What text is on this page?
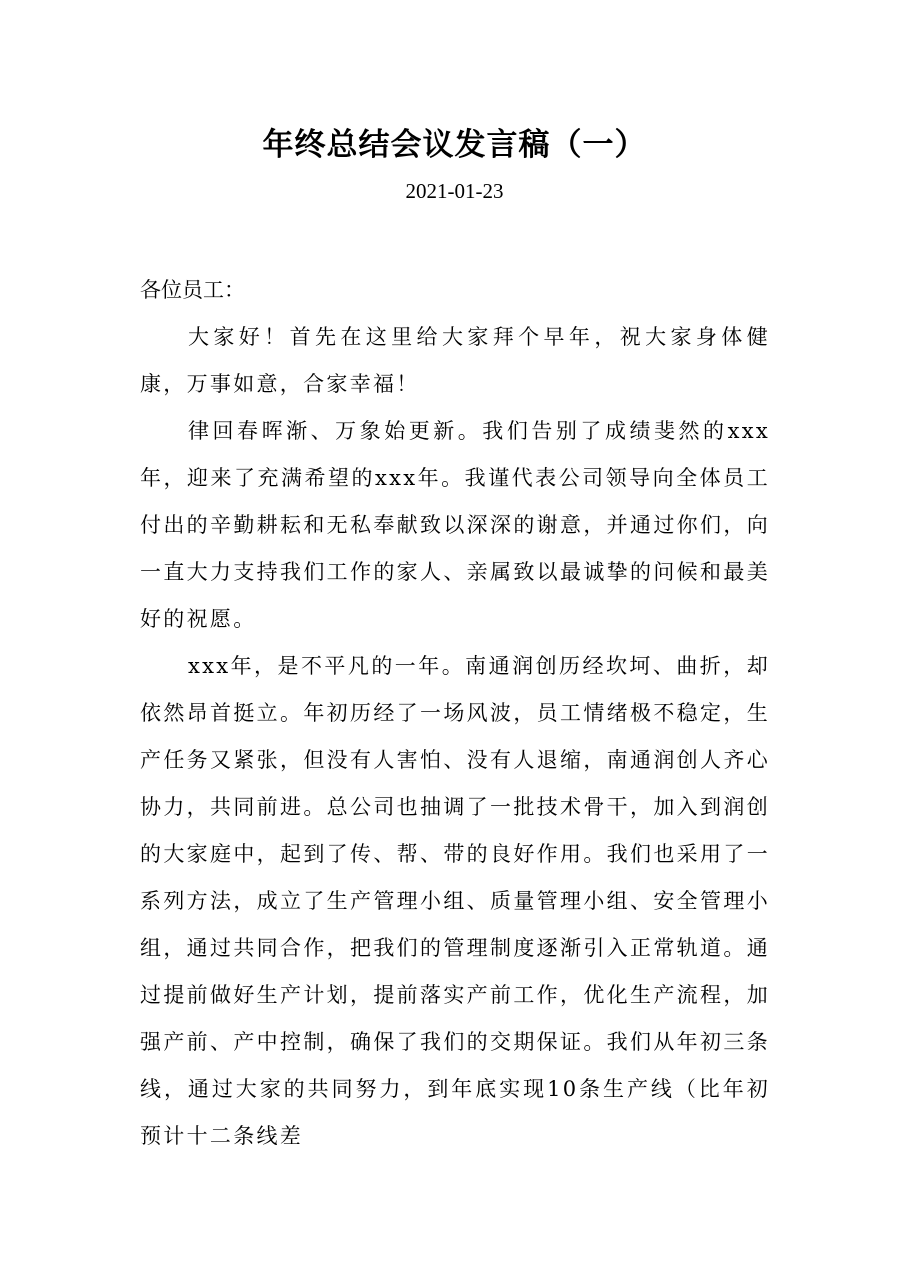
年终总结会议发言稿（一）
2021-01-23

各位员工：

大家好！首先在这里给大家拜个早年，祝大家身体健康，万事如意，合家幸福！

律回春晖渐、万象始更新。我们告别了成绩斐然的xxx年，迎来了充满希望的xxx年。我谨代表公司领导向全体员工付出的辛勤耕耘和无私奉献致以深深的谢意，并通过你们，向一直大力支持我们工作的家人、亲属致以最诚挚的问候和最美好的祝愿。

xxx年，是不平凡的一年。南通润创历经坎坷、曲折，却依然昂首挺立。年初历经了一场风波，员工情绪极不稳定，生产任务又紧张，但没有人害怕、没有人退缩，南通润创人齐心协力，共同前进。总公司也抽调了一批技术骨干，加入到润创的大家庭中，起到了传、帮、带的良好作用。我们也采用了一系列方法，成立了生产管理小组、质量管理小组、安全管理小组，通过共同合作，把我们的管理制度逐渐引入正常轨道。通过提前做好生产计划，提前落实产前工作，优化生产流程，加强产前、产中控制，确保了我们的交期保证。我们从年初三条线，通过大家的共同努力，到年底实现10条生产线（比年初预计十二条线差
